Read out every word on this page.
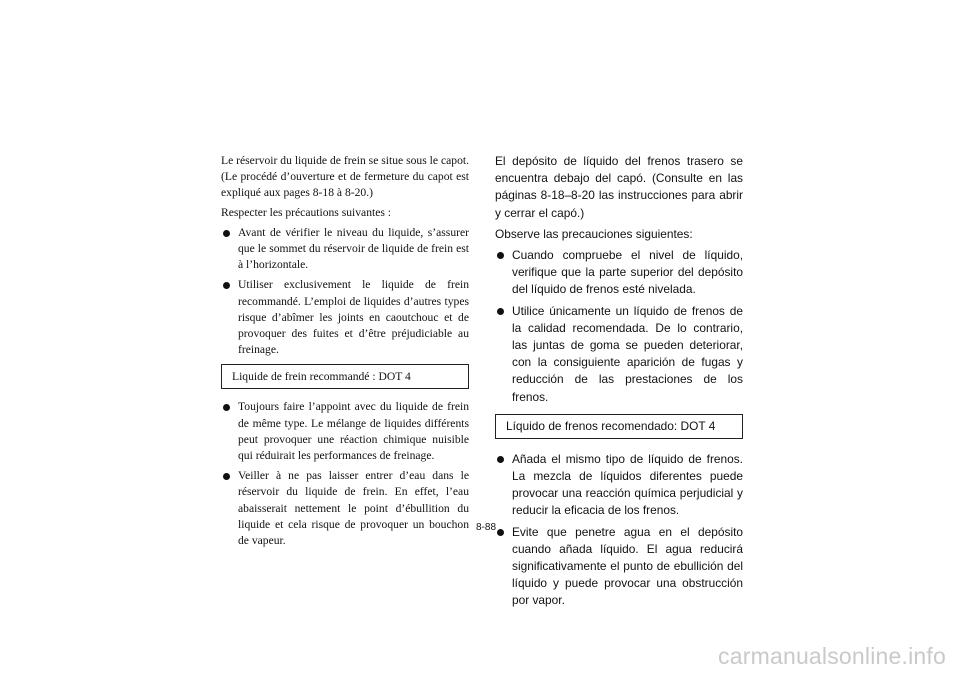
Le réservoir du liquide de frein se situe sous le capot. (Le procédé d’ouverture et de fermeture du capot est expliqué aux pages 8-18 à 8-20.)

Respecter les précautions suivantes :

Avant de vérifier le niveau du liquide, s’assurer que le sommet du réservoir de liquide de frein est à l’horizontale.
Utiliser exclusivement le liquide de frein recommandé. L’emploi de liquides d’autres types risque d’abîmer les joints en caoutchouc et de provoquer des fuites et d’être préjudiciable au freinage.
Liquide de frein recommandé : DOT 4
Toujours faire l’appoint avec du liquide de frein de même type. Le mélange de liquides différents peut provoquer une réaction chimique nuisible qui réduirait les performances de freinage.
Veiller à ne pas laisser entrer d’eau dans le réservoir du liquide de frein. En effet, l’eau abaisserait nettement le point d’ébullition du liquide et cela risque de provoquer un bouchon de vapeur.

El depósito de líquido del frenos trasero se encuentra debajo del capó. (Consulte en las páginas 8-18–8-20 las instrucciones para abrir y cerrar el capó.)

Observe las precauciones siguientes:

Cuando compruebe el nivel de líquido, verifique que la parte superior del depósito del líquido de frenos esté nivelada.
Utilice únicamente un líquido de frenos de la calidad recomendada. De lo contrario, las juntas de goma se pueden deteriorar, con la consiguiente aparición de fugas y reducción de las prestaciones de los frenos.
Líquido de frenos recomendado: DOT 4
Añada el mismo tipo de líquido de frenos. La mezcla de líquidos diferentes puede provocar una reacción química perjudicial y reducir la eficacia de los frenos.
Evite que penetre agua en el depósito cuando añada líquido. El agua reducirá significativamente el punto de ebullición del líquido y puede provocar una obstrucción por vapor.
8-88
carmanualsonline.info
